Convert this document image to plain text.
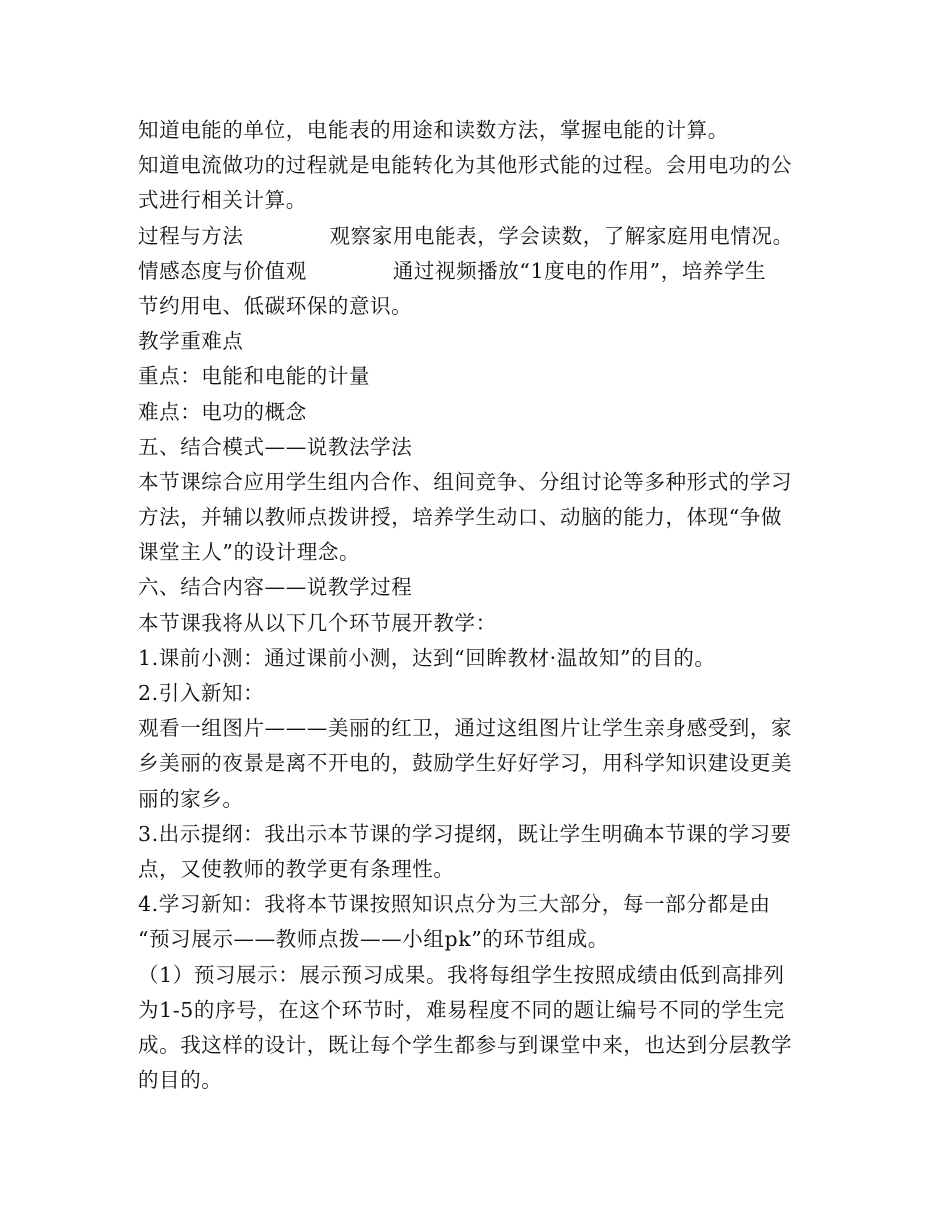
知道电能的单位，电能表的用途和读数方法，掌握电能的计算。
知道电流做功的过程就是电能转化为其他形式能的过程。会用电功的公
式进行相关计算。
过程与方法	观察家用电能表，学会读数，了解家庭用电情况。
情感态度与价值观	通过视频播放“1度电的作用”，培养学生
节约用电、低碳环保的意识。
教学重难点
重点：电能和电能的计量
难点：电功的概念
五、结合模式——说教法学法
本节课综合应用学生组内合作、组间竞争、分组讨论等多种形式的学习
方法，并辅以教师点拨讲授，培养学生动口、动脑的能力，体现“争做
课堂主人”的设计理念。
六、结合内容——说教学过程
本节课我将从以下几个环节展开教学：
1.课前小测：通过课前小测，达到“回眸教材·温故知”的目的。
2.引入新知：
观看一组图片———美丽的红卫，通过这组图片让学生亲身感受到，家
乡美丽的夜景是离不开电的，鼓励学生好好学习，用科学知识建设更美
丽的家乡。
3.出示提纲：我出示本节课的学习提纲，既让学生明确本节课的学习要
点，又使教师的教学更有条理性。
4.学习新知：我将本节课按照知识点分为三大部分，每一部分都是由
“预习展示——教师点拨——小组pk”的环节组成。
（1）预习展示：展示预习成果。我将每组学生按照成绩由低到高排列
为1-5的序号，在这个环节时，难易程度不同的题让编号不同的学生完
成。我这样的设计，既让每个学生都参与到课堂中来，也达到分层教学
的目的。
